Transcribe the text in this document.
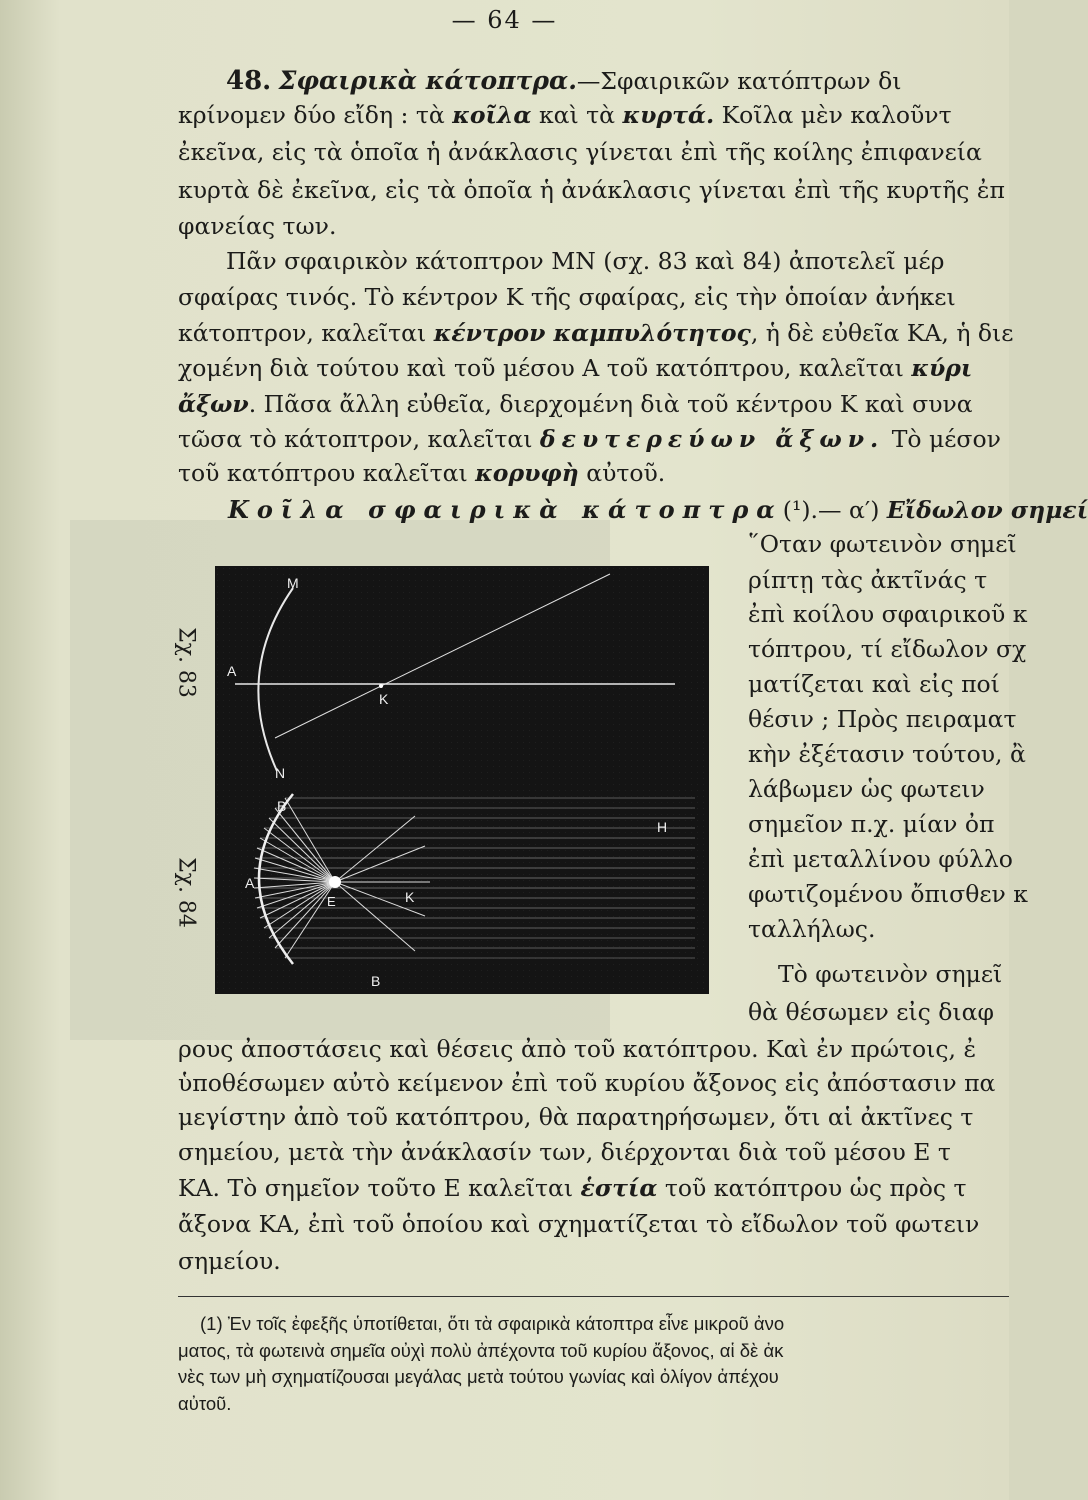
— 64 —
48. Σφαιρικὰ κάτοπτρα.—Σφαιρικῶν κατόπτρων δι
κρίνομεν δύο εἴδη : τὰ κοῖλα καὶ τὰ κυρτά. Κοῖλα μὲν καλοῦντ
ἐκεῖνα, εἰς τὰ ὁποῖα ἡ ἀνάκλασις γίνεται ἐπὶ τῆς κοίλης ἐπιφανεία
κυρτὰ δὲ ἐκεῖνα, εἰς τὰ ὁποῖα ἡ ἀνάκλασις γίνεται ἐπὶ τῆς κυρτῆς ἐπ
φανείας των.
Πᾶν σφαιρικὸν κάτοπτρον ΜΝ (σχ. 83 καὶ 84) ἀποτελεῖ μέρ
σφαίρας τινός. Τὸ κέντρον Κ τῆς σφαίρας, εἰς τὴν ὁποίαν ἀνήκει
κάτοπτρον, καλεῖται κέντρον καμπυλότητος, ἡ δὲ εὐθεῖα ΚΑ, ἡ διε
χομένη διὰ τούτου καὶ τοῦ μέσου Α τοῦ κατόπτρου, καλεῖται κύρι
ἄξων. Πᾶσα ἄλλη εὐθεῖα, διερχομένη διὰ τοῦ κέντρου Κ καὶ συνα
τῶσα τὸ κάτοπτρον, καλεῖται δευτερεύων ἄξων. Τὸ μέσον
τοῦ κατόπτρου καλεῖται κορυφὴ αὐτοῦ.
Κοῖλα σφαιρικὰ κάτοπτρα(¹).— α′) Εἴδωλον σημεί
῞Οταν φωτεινὸν σημεῖ
ρίπτῃ τὰς ἀκτῖνάς τ
ἐπὶ κοίλου σφαιρικοῦ κ
τόπτρου, τί εἴδωλον σχ
ματίζεται καὶ εἰς ποί
θέσιν ; Πρὸς πειραματ
κὴν ἐξέτασιν τούτου, ἂ
λάβωμεν ὡς φωτειν
σημεῖον π.χ. μίαν ὀπ
ἐπὶ μεταλλίνου φύλλο
φωτιζομένου ὄπισθεν κ
ταλλήλως.
Σχ. 83
Σχ. 84
M
A
K
N
B
A
E	K
H
B	Τὸ φωτεινὸν σημεῖ
θὰ θέσωμεν εἰς διαφ
ρους ἀποστάσεις καὶ θέσεις ἀπὸ τοῦ κατόπτρου. Καὶ ἐν πρώτοις, ἐ
ὑποθέσωμεν αὐτὸ κείμενον ἐπὶ τοῦ κυρίου ἄξονος εἰς ἀπόστασιν πα
μεγίστην ἀπὸ τοῦ κατόπτρου, θὰ παρατηρήσωμεν, ὅτι αἱ ἀκτῖνες τ
σημείου, μετὰ τὴν ἀνάκλασίν των, διέρχονται διὰ τοῦ μέσου Ε τ
ΚΑ. Τὸ σημεῖον τοῦτο Ε καλεῖται ἑστία τοῦ κατόπτρου ὡς πρὸς τ
ἄξονα ΚΑ, ἐπὶ τοῦ ὁποίου καὶ σχηματίζεται τὸ εἴδωλον τοῦ φωτειν
σημείου.
(1) Ἐν τοῖς ἐφεξῆς ὑποτίθεται, ὅτι τὰ σφαιρικὰ κάτοπτρα εἶνε μικροῦ ἀνο
ματος, τὰ φωτεινὰ σημεῖα οὐχὶ πολὺ ἀπέχοντα τοῦ κυρίου ἄξονος, αἱ δὲ ἀκ
νὲς των μὴ σχηματίζουσαι μεγάλας μετὰ τούτου γωνίας καὶ ὀλίγον ἀπέχου
αὐτοῦ.
